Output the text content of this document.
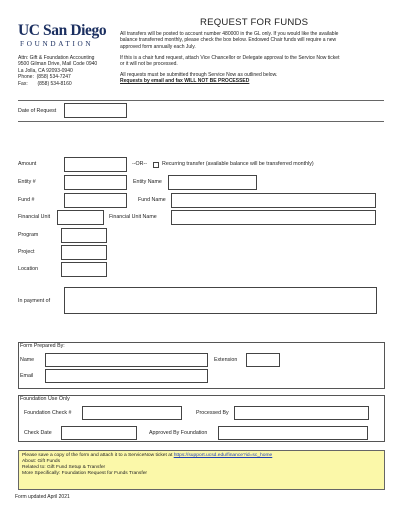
UC San Diego
FOUNDATION
REQUEST FOR FUNDS
Attn: Gift & Foundation Accounting
9500 Gilman Drive, Mail Code 0940
La Jolla, CA 92093-0940
Phone:  (858) 534-7247
Fax:       (858) 534-8160
All transfers will be posted to account number 480000 in the GL only. If you would like the available
balance transferred monthly, please check the box below. Endowed Chair funds will require a new
approved form annually each July.
If this is a chair fund request, attach Vice Chancellor or Delegate approval to the Service Now ticket
or it will not be processed.
All requests must be submitted through Service Now as outlined below.
Requests by email and fax WILL NOT BE PROCESSED
Date of Request
Amount	--OR--	Recurring transfer (available balance will be transferred monthly)
Entity #	Entity Name
Fund #	Fund Name
Financial Unit	Financial Unit Name
Program
Project
Location
In payment of
Form Prepared By:
Name	Extension
Email
Foundation Use Only
Foundation Check #	Processed By
Check Date	Approved By Foundation
Please save a copy of the form and attach it to a ServiceNow ticket at https://support.ucsd.edu/finance?id=sc_home
About: Gift Funds
Related to: Gift Fund Setup & Transfer
More Specifically: Foundation Request for Funds Transfer
Form updated April 2021
